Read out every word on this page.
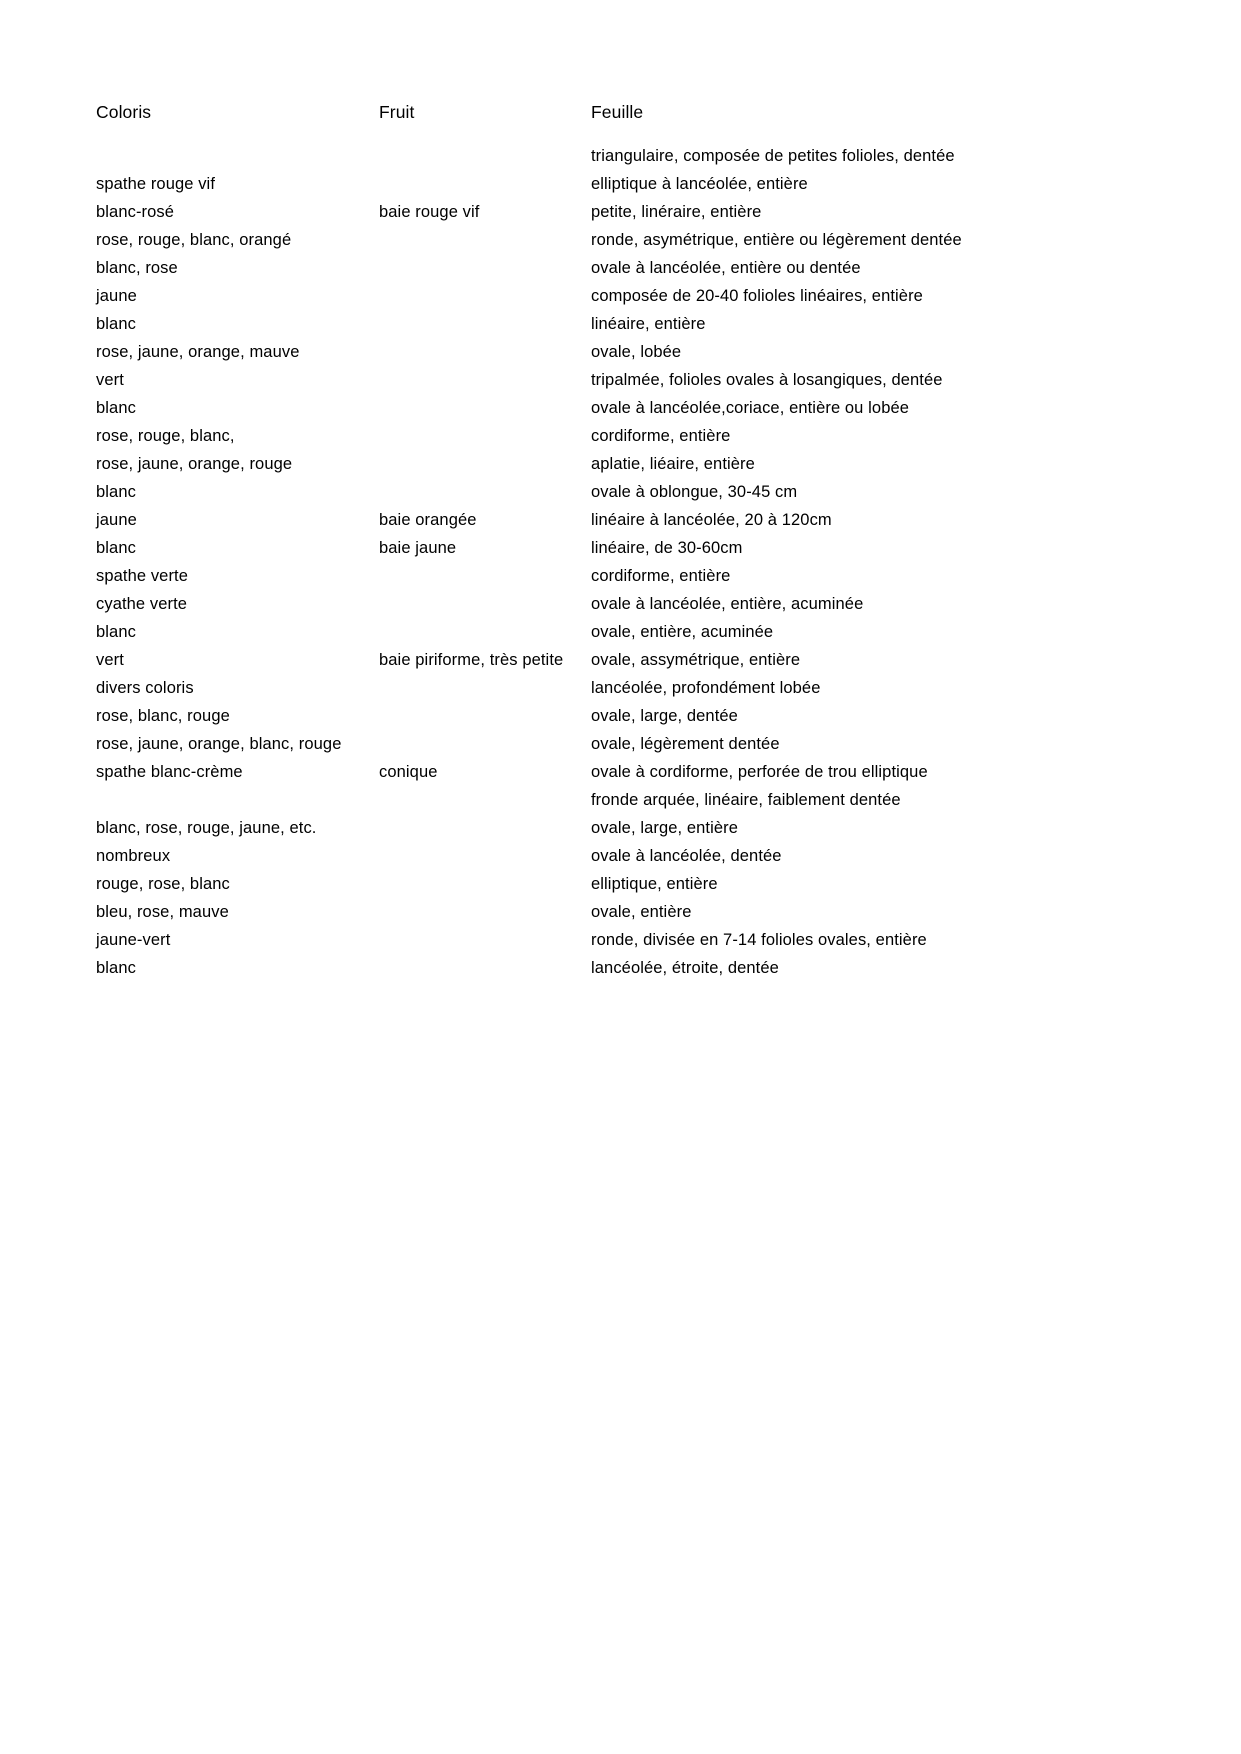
Coloris	Fruit	Feuille
		triangulaire, composée de petites folioles, dentée
spathe rouge vif		elliptique à lancéolée, entière
blanc-rosé	baie rouge vif	petite, linéraire, entière
rose, rouge, blanc, orangé		ronde, asymétrique, entière ou légèrement dentée
blanc, rose		ovale à lancéolée, entière ou dentée
jaune		composée de 20-40 folioles linéaires, entière
blanc		linéaire, entière
rose, jaune, orange, mauve		ovale, lobée
vert		tripalmée, folioles ovales à losangiques, dentée
blanc		ovale à lancéolée,coriace, entière ou lobée
rose, rouge, blanc,		cordiforme, entière
rose, jaune, orange, rouge		aplatie, liéaire, entière
blanc		ovale à oblongue, 30-45 cm
jaune	baie orangée	linéaire à lancéolée, 20 à 120cm
blanc	baie jaune	linéaire, de 30-60cm
spathe verte		cordiforme, entière
cyathe verte		ovale à lancéolée, entière, acuminée
blanc		ovale, entière, acuminée
vert	baie piriforme, très petite	ovale, assymétrique, entière
divers coloris		lancéolée, profondément lobée
rose, blanc, rouge		ovale, large, dentée
rose, jaune, orange, blanc, rouge		ovale, légèrement dentée
spathe blanc-crème	conique	ovale à cordiforme, perforée de trou elliptique
		fronde arquée, linéaire, faiblement dentée
blanc, rose, rouge, jaune, etc.		ovale, large, entière
nombreux		ovale à lancéolée, dentée
rouge, rose, blanc		elliptique, entière
bleu, rose, mauve		ovale, entière
jaune-vert		ronde, divisée en 7-14 folioles ovales, entière
blanc		lancéolée, étroite, dentée
